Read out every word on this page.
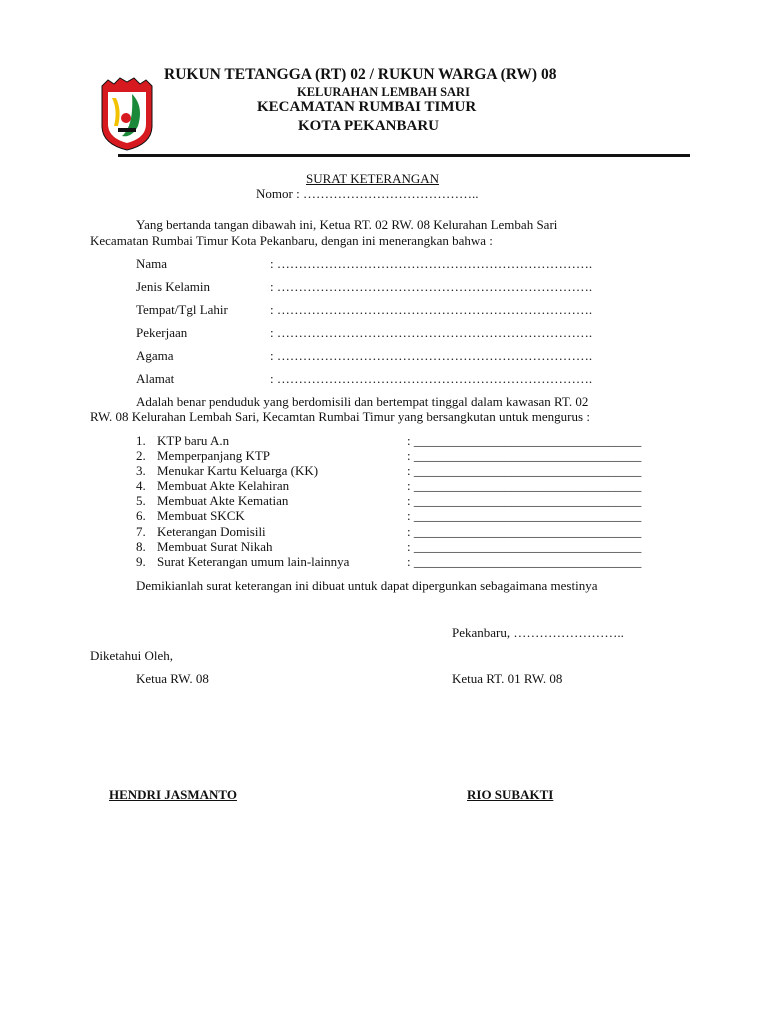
RUKUN TETANGGA (RT) 02 / RUKUN WARGA (RW) 08
KELURAHAN LEMBAH SARI
KECAMATAN RUMBAI TIMUR
KOTA PEKANBARU
SURAT KETERANGAN
Nomor : …………………………………..
Yang bertanda tangan dibawah ini, Ketua RT. 02 RW. 08 Kelurahan Lembah Sari
Kecamatan Rumbai Timur Kota Pekanbaru, dengan ini menerangkan bahwa :
Nama	: ……………………………………………………………….
Jenis Kelamin	: ……………………………………………………………….
Tempat/Tgl Lahir	: ……………………………………………………………….
Pekerjaan	: ……………………………………………………………….
Agama	: ……………………………………………………………….
Alamat	: ……………………………………………………………….
Adalah benar penduduk yang berdomisili dan bertempat tinggal dalam kawasan RT. 02
RW. 08 Kelurahan Lembah Sari, Kecamtan Rumbai Timur yang bersangkutan untuk mengurus :
1. KTP baru A.n	: ___________________________________
2. Memperpanjang KTP	: ___________________________________
3. Menukar Kartu Keluarga (KK)	: ___________________________________
4. Membuat Akte Kelahiran	: ___________________________________
5. Membuat Akte Kematian	: ___________________________________
6. Membuat SKCK	: ___________________________________
7. Keterangan Domisili	: ___________________________________
8. Membuat Surat Nikah	: ___________________________________
9. Surat Keterangan umum lain-lainnya	: ___________________________________
Demikianlah surat keterangan ini dibuat untuk dapat dipergunkan sebagaimana mestinya
Pekanbaru, ……………………..
Diketahui Oleh,
Ketua RW. 08	Ketua RT. 01 RW. 08
HENDRI JASMANTO	RIO SUBAKTI
